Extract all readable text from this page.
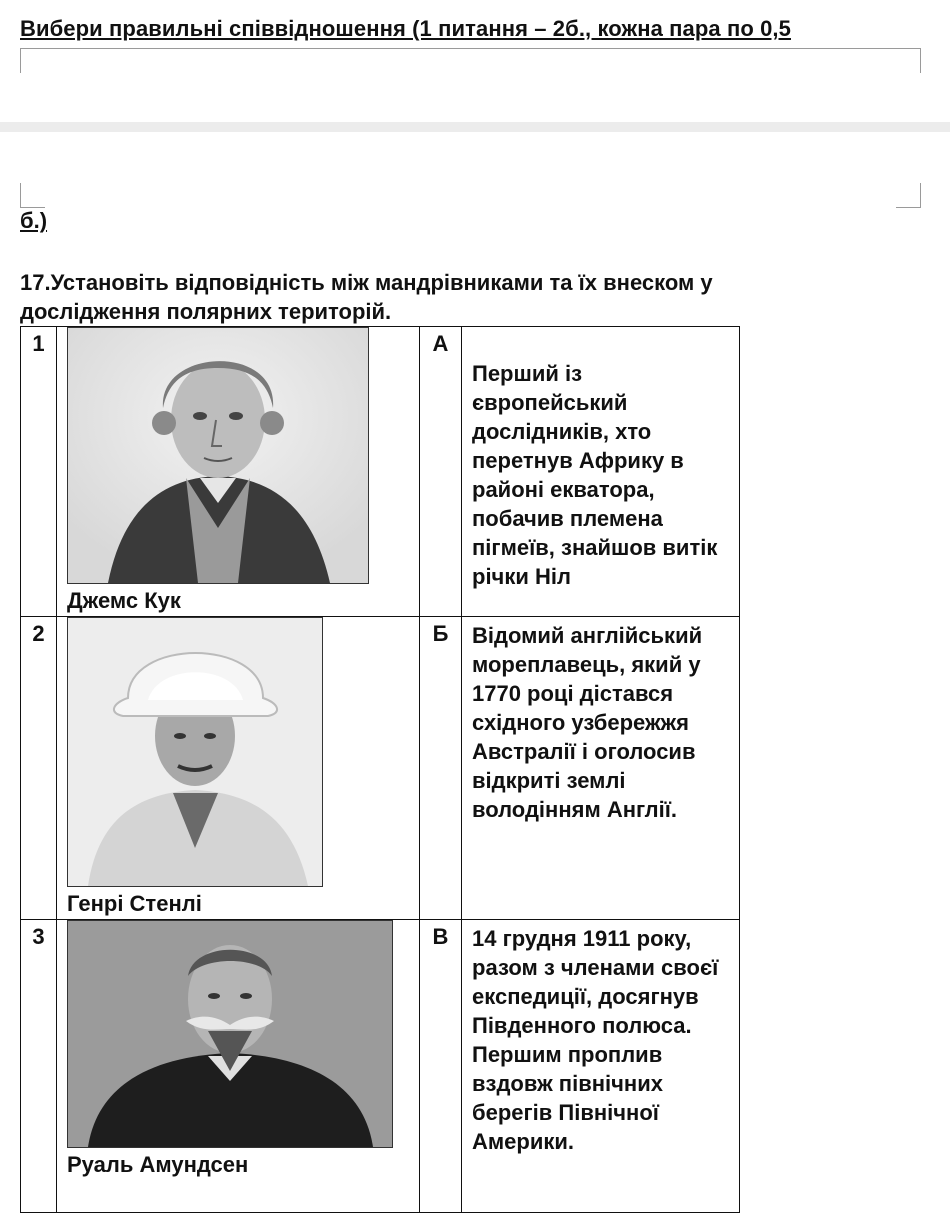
Вибери правильні співвідношення (1 питання – 2б., кожна пара по 0,5
б.)
17.Установіть відповідність між мандрівниками та їх внеском у дослідження полярних територій.
1	Джемс Кук	А	Перший із європейський дослідників, хто перетнув Африку в районі екватора, побачив племена пігмеїв, знайшов витік річки Ніл
2	Генрі Стенлі	Б	Відомий англійський мореплавець, який у 1770 році дістався східного узбережжя Австралії і оголосив відкриті землі володінням Англії.
3	Руаль Амундсен	В	14 грудня 1911 року, разом з членами своєї експедиції, досягнув Південного полюса. Першим проплив вздовж північних берегів Північної Америки.
